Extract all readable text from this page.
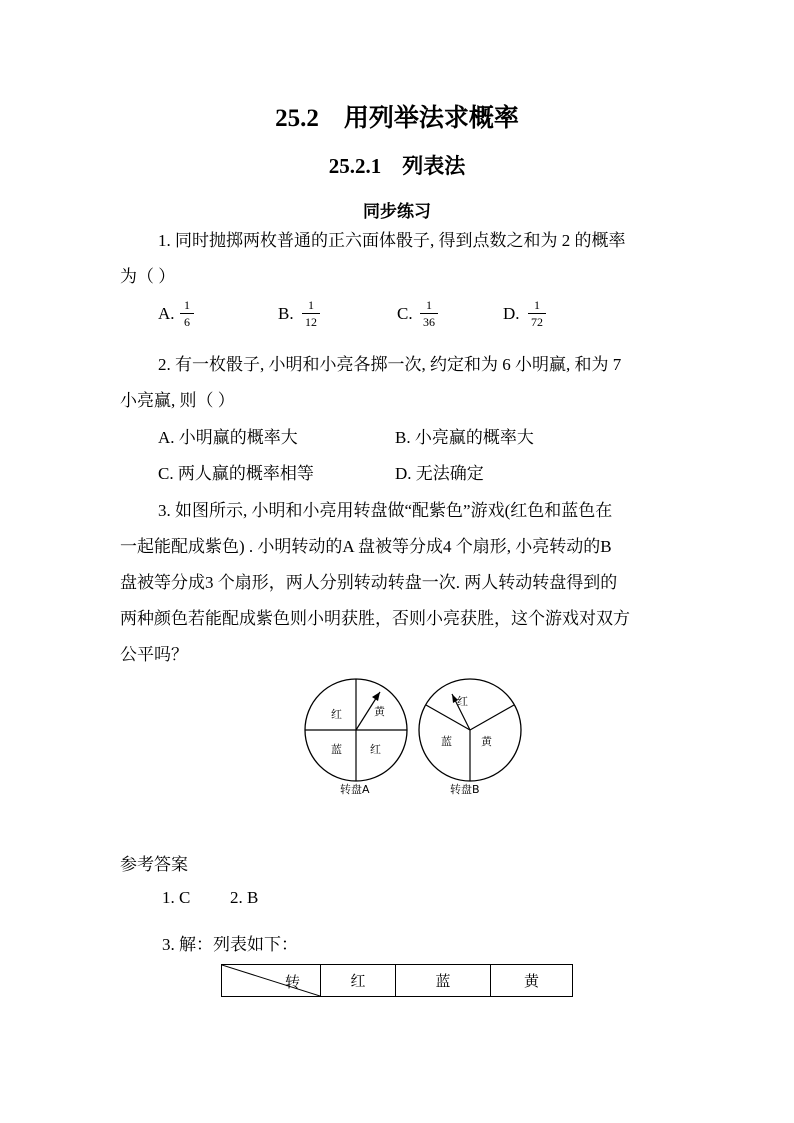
25.2　用列举法求概率
25.2.1　列表法
同步练习
1. 同时抛掷两枚普通的正六面体骰子, 得到点数之和为 2 的概率
为（ ）
A. 1
6	B.	1
12	C.	1
36	D.	1
72
2. 有一枚骰子, 小明和小亮各掷一次, 约定和为 6 小明赢, 和为 7
小亮赢, 则（ ）
A. 小明赢的概率大	B. 小亮赢的概率大
C. 两人赢的概率相等	D. 无法确定
3. 如图所示, 小明和小亮用转盘做“配紫色”游戏(红色和蓝色在
一起能配成紫色) . 小明转动的A 盘被等分成4 个扇形, 小亮转动的B
盘被等分成3 个扇形，两人分别转动转盘一次. 两人转动转盘得到的
两种颜色若能配成紫色则小明获胜，否则小亮获胜，这个游戏对双方
公平吗？
红	黄
蓝	红
转盘A
红
蓝	黄
转盘B
参考答案
1. C 2. B
3. 解：列表如下：
转	红	蓝	黄
